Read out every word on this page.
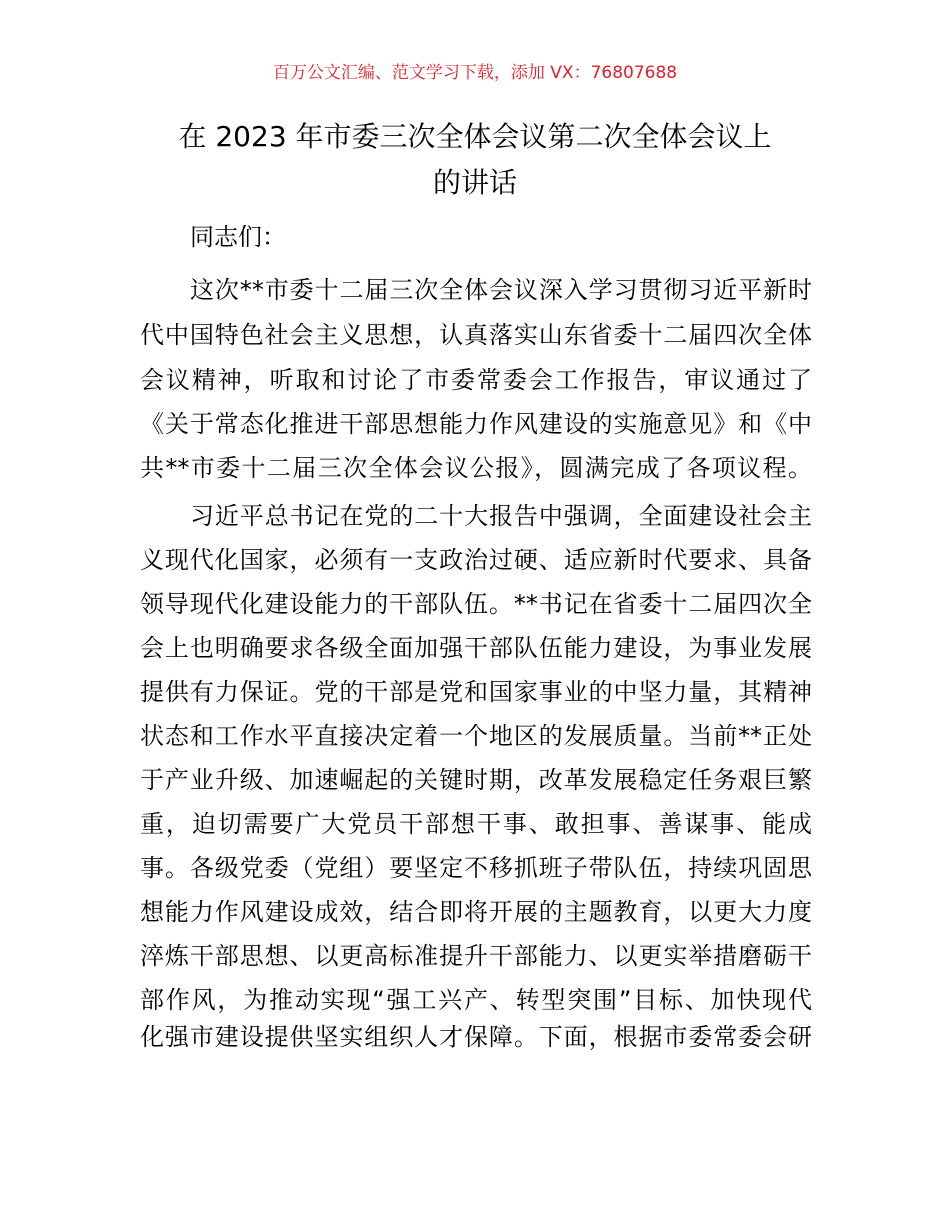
百万公文汇编、范文学习下载，添加 VX：76807688
在 2023 年市委三次全体会议第二次全体会议上
的讲话
同志们：
这次**市委十二届三次全体会议深入学习贯彻习近平新时
代中国特色社会主义思想，认真落实山东省委十二届四次全体
会议精神，听取和讨论了市委常委会工作报告，审议通过了
《关于常态化推进干部思想能力作风建设的实施意见》和《中
共**市委十二届三次全体会议公报》，圆满完成了各项议程。
习近平总书记在党的二十大报告中强调，全面建设社会主
义现代化国家，必须有一支政治过硬、适应新时代要求、具备
领导现代化建设能力的干部队伍。**书记在省委十二届四次全
会上也明确要求各级全面加强干部队伍能力建设，为事业发展
提供有力保证。党的干部是党和国家事业的中坚力量，其精神
状态和工作水平直接决定着一个地区的发展质量。当前**正处
于产业升级、加速崛起的关键时期，改革发展稳定任务艰巨繁
重，迫切需要广大党员干部想干事、敢担事、善谋事、能成
事。各级党委（党组）要坚定不移抓班子带队伍，持续巩固思
想能力作风建设成效，结合即将开展的主题教育，以更大力度
淬炼干部思想、以更高标准提升干部能力、以更实举措磨砺干
部作风，为推动实现“强工兴产、转型突围”目标、加快现代
化强市建设提供坚实组织人才保障。下面，根据市委常委会研
